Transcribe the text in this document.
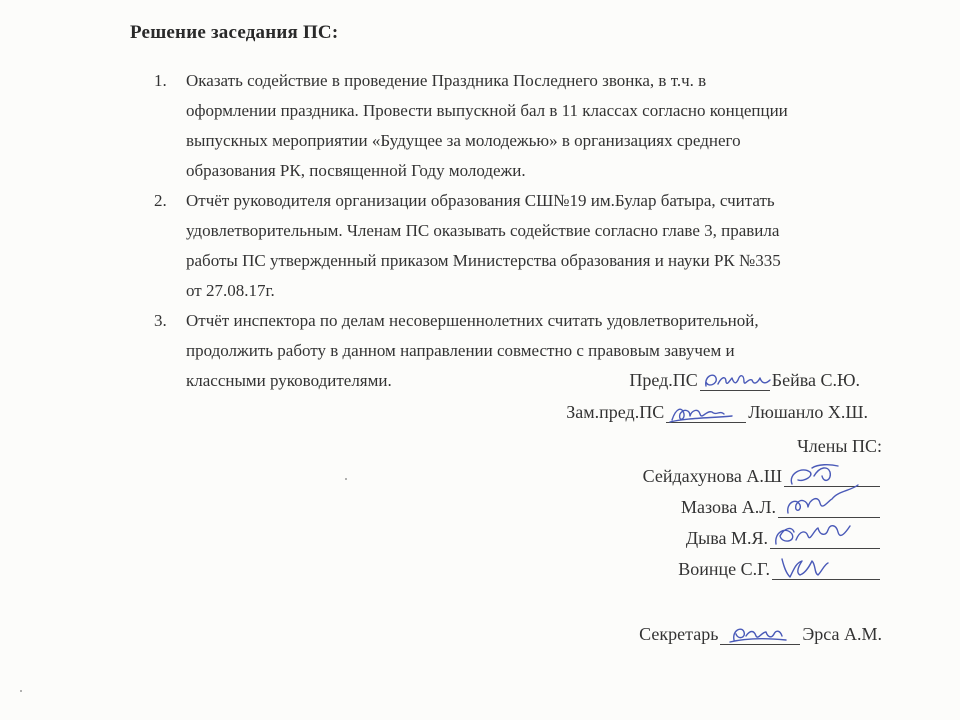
Решение заседания ПС:
1. Оказать содействие в проведение Праздника Последнего звонка, в т.ч. в
оформлении праздника. Провести выпускной бал в 11 классах согласно концепции
выпускных мероприятии «Будущее за молодежью» в организациях среднего
образования РК, посвященной Году молодежи.
2. Отчёт руководителя организации образования СШ№19 им.Булар батыра, считать
удовлетворительным. Членам ПС оказывать содействие согласно главе 3, правила
работы ПС утвержденный приказом Министерства образования и науки РК №335
от 27.08.17г.
3. Отчёт инспектора по делам несовершеннолетних считать удовлетворительной,
продолжить работу в данном направлении совместно с правовым завучем и
классными руководителями.	Пред.ПС	Бейва С.Ю.
Зам.пред.ПС	Люшанло Х.Ш.
Члены ПС:
Сейдахунова А.Ш
Мазова А.Л.
Дыва М.Я.
Воинце С.Г.
Секретарь	Эрса А.М.
